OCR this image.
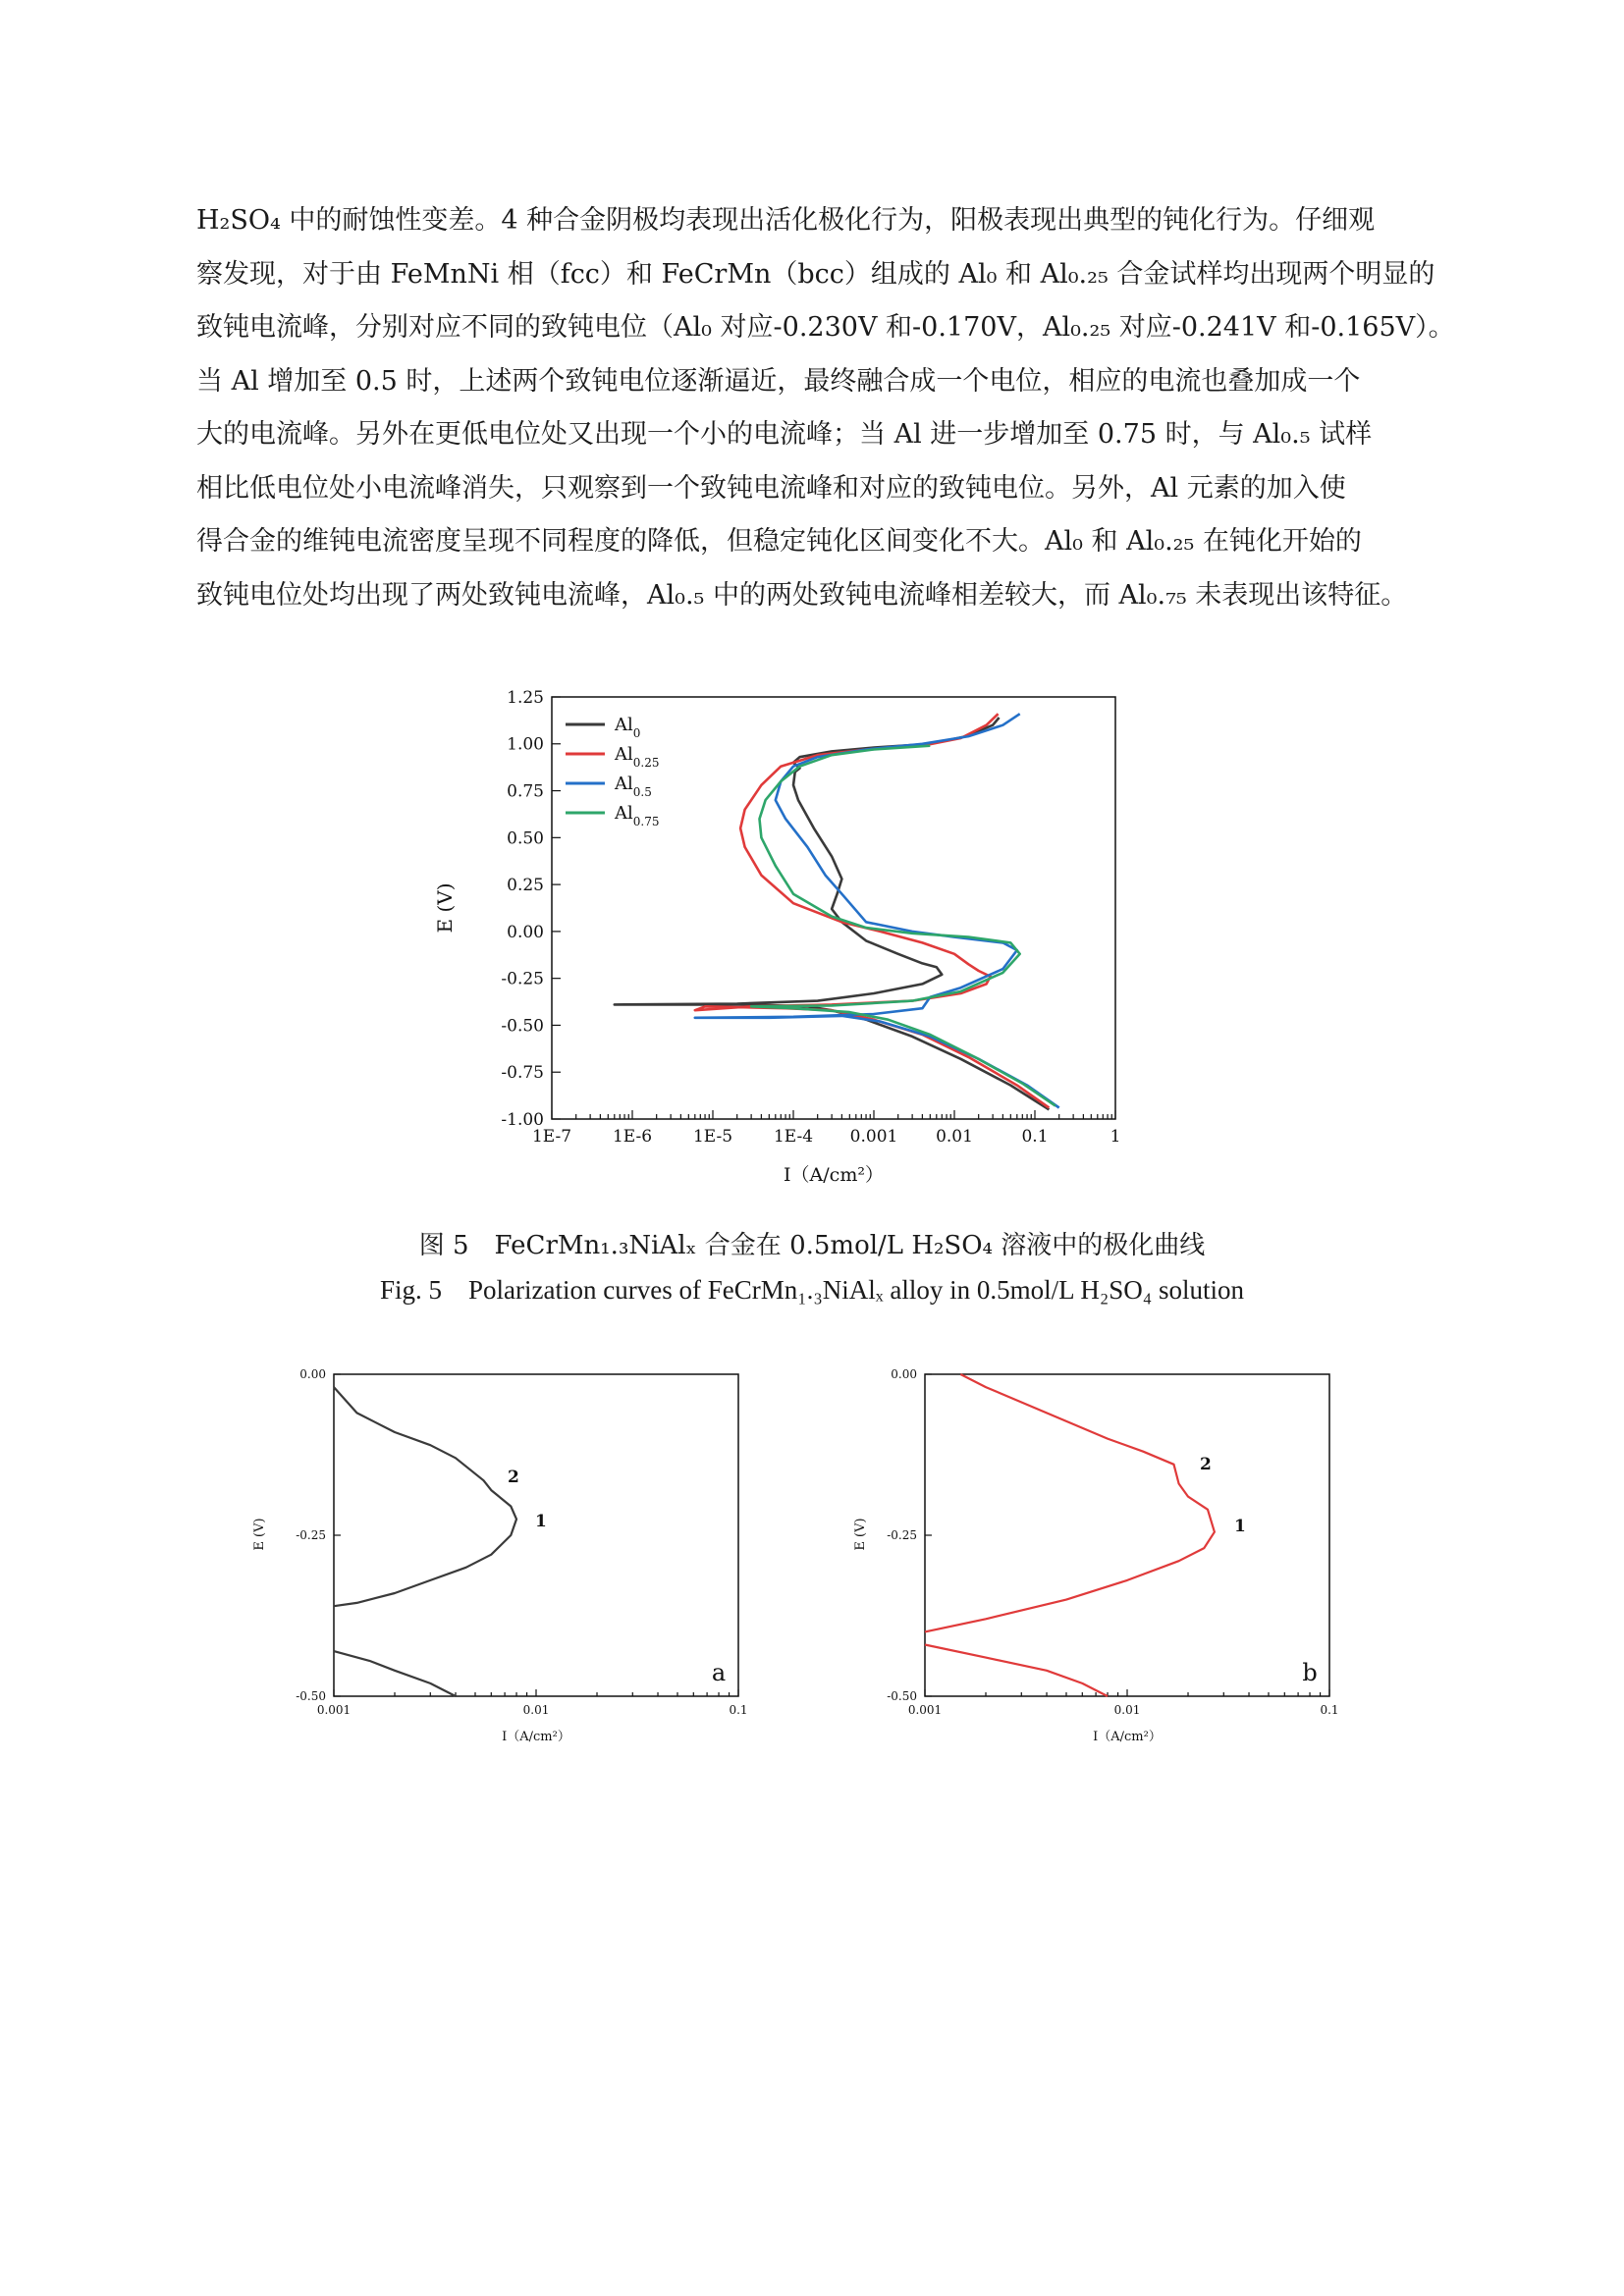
H₂SO₄ 中的耐蚀性变差。4 种合金阴极均表现出活化极化行为，阳极表现出典型的钝化行为。仔细观
察发现，对于由 FeMnNi 相（fcc）和 FeCrMn（bcc）组成的 Al₀ 和 Al₀.₂₅ 合金试样均出现两个明显的
致钝电流峰，分别对应不同的致钝电位（Al₀ 对应-0.230V 和-0.170V，Al₀.₂₅ 对应-0.241V 和-0.165V）。
当 Al 增加至 0.5 时，上述两个致钝电位逐渐逼近，最终融合成一个电位，相应的电流也叠加成一个
大的电流峰。另外在更低电位处又出现一个小的电流峰；当 Al 进一步增加至 0.75 时，与 Al₀.₅ 试样
相比低电位处小电流峰消失，只观察到一个致钝电流峰和对应的致钝电位。另外，Al 元素的加入使
得合金的维钝电流密度呈现不同程度的降低，但稳定钝化区间变化不大。Al₀ 和 Al₀.₂₅ 在钝化开始的
致钝电位处均出现了两处致钝电流峰，Al₀.₅ 中的两处致钝电流峰相差较大，而 Al₀.₇₅ 未表现出该特征。

1E-7 1E-6 1E-5 1E-4 0.001 0.01	0.1	1
-1.00
-0.75
-0.50
-0.25
0.00
0.25
0.50
0.75
1.00
1.25
$Al_0$
$Al_{0.25}$
$Al_{0.5}$
$Al_{0.75}$
E (V)
I（A/cm²）
图 5　FeCrMn₁.₃NiAlₓ 合金在 0.5mol/L H₂SO₄ 溶液中的极化曲线
Fig. 5　Polarization curves of FeCrMn₁.₃NiAlₓ alloy in 0.5mol/L H₂SO₄ solution
0.001	0.01	0.1
-0.50
-0.25
0.00
a
2
1
E (V)
I（A/cm²）
0.001	0.01	0.1
-0.50
-0.25
0.00
b
2
1
E (V)
I（A/cm²）
